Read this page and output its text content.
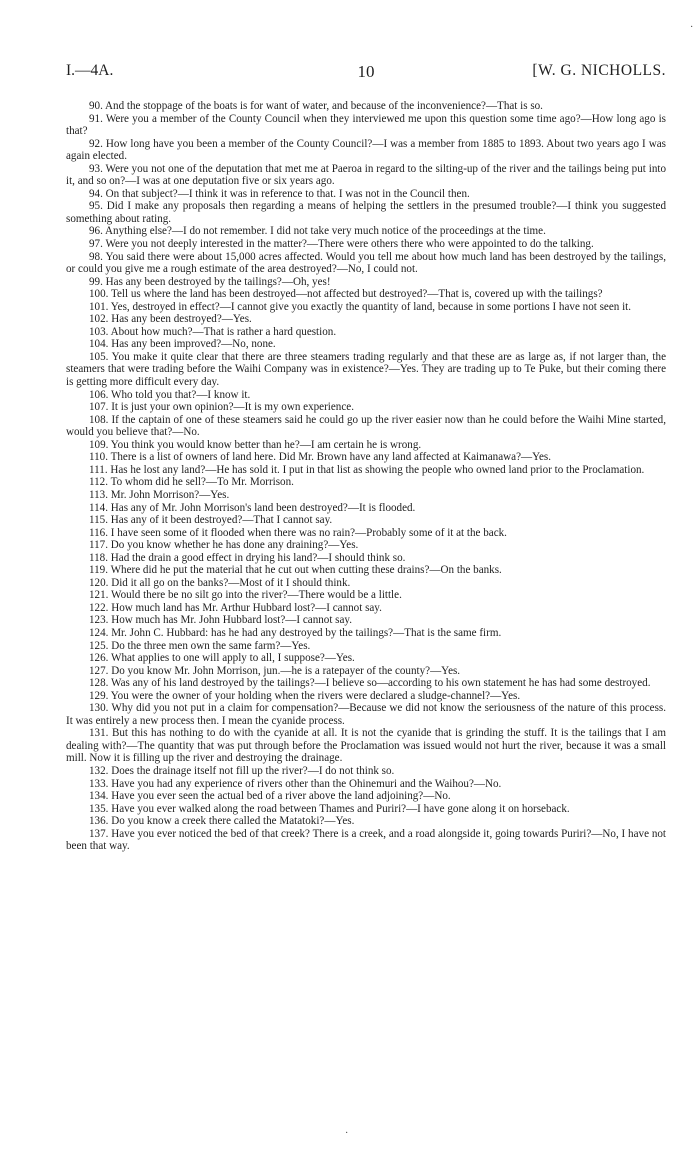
I.—4A.	10	[W. G. NICHOLLS.

90. And the stoppage of the boats is for want of water, and because of the inconvenience?—That is so.

91. Were you a member of the County Council when they interviewed me upon this question some time ago?—How long ago is that?

92. How long have you been a member of the County Council?—I was a member from 1885 to 1893. About two years ago I was again elected.

93. Were you not one of the deputation that met me at Paeroa in regard to the silting-up of the river and the tailings being put into it, and so on?—I was at one deputation five or six years ago.

94. On that subject?—I think it was in reference to that. I was not in the Council then.

95. Did I make any proposals then regarding a means of helping the settlers in the presumed trouble?—I think you suggested something about rating.

96. Anything else?—I do not remember. I did not take very much notice of the proceedings at the time.

97. Were you not deeply interested in the matter?—There were others there who were appointed to do the talking.

98. You said there were about 15,000 acres affected. Would you tell me about how much land has been destroyed by the tailings, or could you give me a rough estimate of the area destroyed?—No, I could not.

99. Has any been destroyed by the tailings?—Oh, yes!

100. Tell us where the land has been destroyed—not affected but destroyed?—That is, covered up with the tailings?

101. Yes, destroyed in effect?—I cannot give you exactly the quantity of land, because in some portions I have not seen it.

102. Has any been destroyed?—Yes.

103. About how much?—That is rather a hard question.

104. Has any been improved?—No, none.

105. You make it quite clear that there are three steamers trading regularly and that these are as large as, if not larger than, the steamers that were trading before the Waihi Company was in existence?—Yes. They are trading up to Te Puke, but their coming there is getting more difficult every day.

106. Who told you that?—I know it.

107. It is just your own opinion?—It is my own experience.

108. If the captain of one of these steamers said he could go up the river easier now than he could before the Waihi Mine started, would you believe that?—No.

109. You think you would know better than he?—I am certain he is wrong.

110. There is a list of owners of land here. Did Mr. Brown have any land affected at Kaimanawa?—Yes.

111. Has he lost any land?—He has sold it. I put in that list as showing the people who owned land prior to the Proclamation.

112. To whom did he sell?—To Mr. Morrison.

113. Mr. John Morrison?—Yes.

114. Has any of Mr. John Morrison's land been destroyed?—It is flooded.

115. Has any of it been destroyed?—That I cannot say.

116. I have seen some of it flooded when there was no rain?—Probably some of it at the back.

117. Do you know whether he has done any draining?—Yes.

118. Had the drain a good effect in drying his land?—I should think so.

119. Where did he put the material that he cut out when cutting these drains?—On the banks.

120. Did it all go on the banks?—Most of it I should think.

121. Would there be no silt go into the river?—There would be a little.

122. How much land has Mr. Arthur Hubbard lost?—I cannot say.

123. How much has Mr. John Hubbard lost?—I cannot say.

124. Mr. John C. Hubbard: has he had any destroyed by the tailings?—That is the same firm.

125. Do the three men own the same farm?—Yes.

126. What applies to one will apply to all, I suppose?—Yes.

127. Do you know Mr. John Morrison, jun.—he is a ratepayer of the county?—Yes.

128. Was any of his land destroyed by the tailings?—I believe so—according to his own statement he has had some destroyed.

129. You were the owner of your holding when the rivers were declared a sludge-channel?—Yes.

130. Why did you not put in a claim for compensation?—Because we did not know the seriousness of the nature of this process. It was entirely a new process then. I mean the cyanide process.

131. But this has nothing to do with the cyanide at all. It is not the cyanide that is grinding the stuff. It is the tailings that I am dealing with?—The quantity that was put through before the Proclamation was issued would not hurt the river, because it was a small mill. Now it is filling up the river and destroying the drainage.

132. Does the drainage itself not fill up the river?—I do not think so.

133. Have you had any experience of rivers other than the Ohinemuri and the Waihou?—No.

134. Have you ever seen the actual bed of a river above the land adjoining?—No.

135. Have you ever walked along the road between Thames and Puriri?—I have gone along it on horseback.

136. Do you know a creek there called the Matatoki?—Yes.

137. Have you ever noticed the bed of that creek? There is a creek, and a road alongside it, going towards Puriri?—No, I have not been that way.

·
·
